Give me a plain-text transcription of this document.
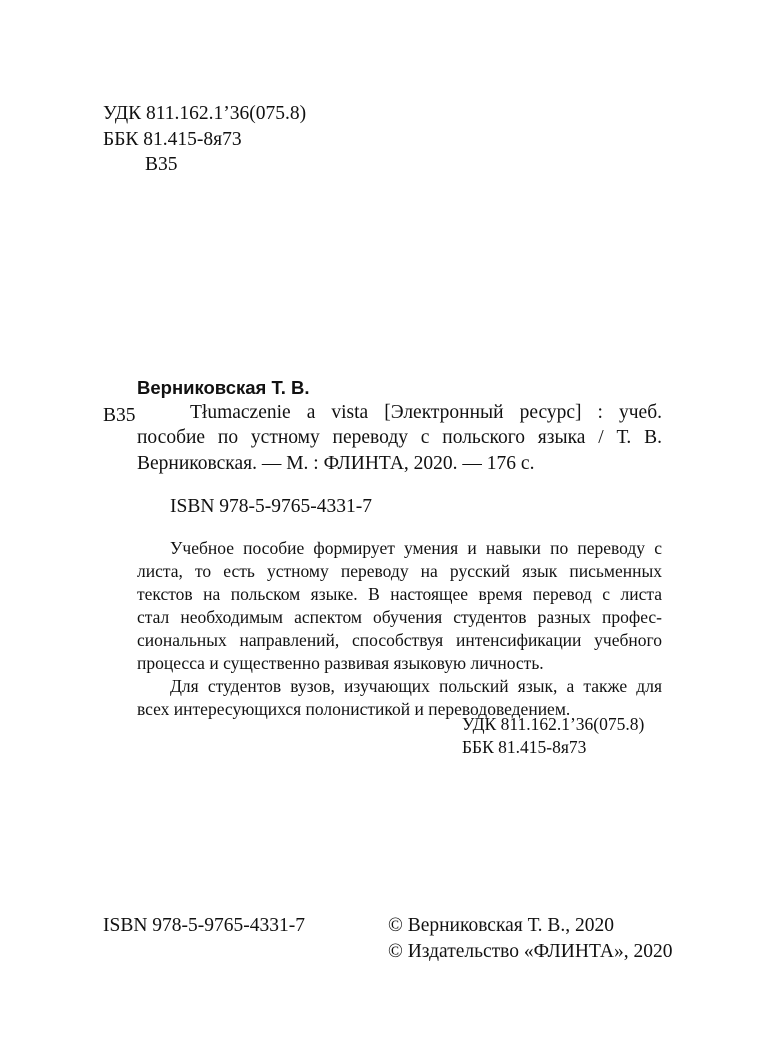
УДК 811.162.1’36(075.8)
ББК 81.415-8я73
В35
Верниковская Т. В.
В35	Tłumaczenie a vista [Электронный ресурс] : учеб.
пособие по устному переводу с польского языка / Т. В.
Верниковская. — М. : ФЛИНТА, 2020. — 176 с.
ISBN 978-5-9765-4331-7
Учебное пособие формирует умения и навыки по переводу с
листа, то есть устному переводу на русский язык письменных
текстов на польском языке. В настоящее время перевод с листа
стал необходимым аспектом обучения студентов разных профес-
сиональных направлений, способствуя интенсификации учебного
процесса и существенно развивая языковую личность.
Для студентов вузов, изучающих польский язык, а также для
всех интересующихся полонистикой и переводоведением.
УДК 811.162.1’36(075.8)
ББК 81.415-8я73
ISBN 978-5-9765-4331-7	© Верниковская Т. В., 2020
© Издательство «ФЛИНТА», 2020
